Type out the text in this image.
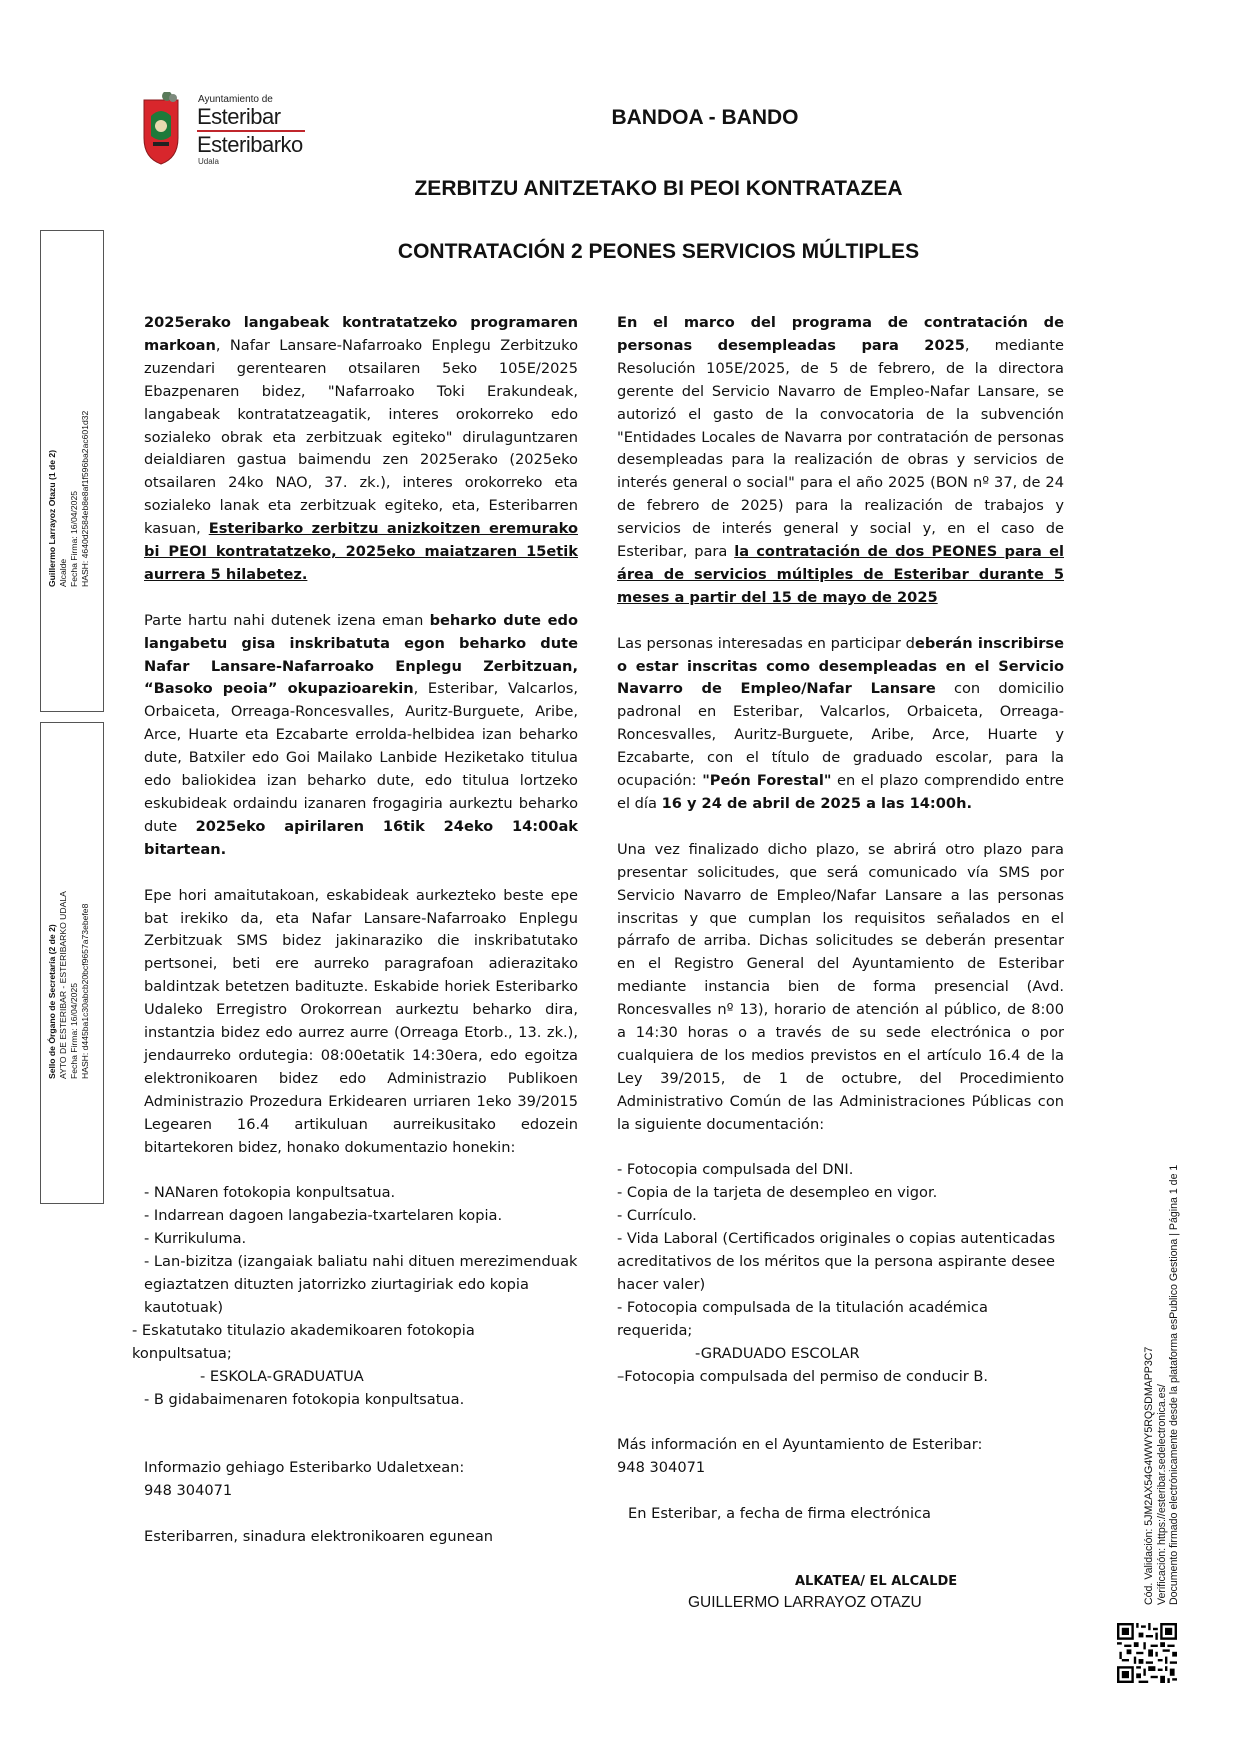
Ayuntamiento de
Esteribar
Esteribarko
Udala
BANDOA - BANDO
ZERBITZU ANITZETAKO BI PEOI KONTRATAZEA
CONTRATACIÓN 2 PEONES SERVICIOS MÚLTIPLES
Guillermo Larrayoz Otazu (1 de 2) Alcalde Fecha Firma: 16/04/2025 HASH: 4640d2584eb8e8af1f596ba2ac601d32
Sello de Órgano de Secretaría (2 de 2) AYTO DE ESTERIBAR - ESTERIBARKO UDALA Fecha Firma: 16/04/2025 HASH: d445ba1c30abcb20bcf9657a73ebefe8

2025erako langabeak kontratatzeko programaren markoan, Nafar Lansare-Nafarroako Enplegu Zerbitzuko zuzendari gerentearen otsailaren 5eko 105E/2025 Ebazpenaren bidez, "Nafarroako Toki Erakundeak, langabeak kontratatzeagatik, interes orokorreko edo sozialeko obrak eta zerbitzuak egiteko" dirulaguntzaren deialdiaren gastua baimendu zen 2025erako (2025eko otsailaren 24ko NAO, 37. zk.), interes orokorreko eta sozialeko lanak eta zerbitzuak egiteko, eta, Esteribarren kasuan, Esteribarko zerbitzu anizkoitzen eremurako bi PEOI kontratatzeko, 2025eko maiatzaren 15etik aurrera 5 hilabetez.

Parte hartu nahi dutenek izena eman beharko dute edo langabetu gisa inskribatuta egon beharko dute Nafar Lansare-Nafarroako Enplegu Zerbitzuan, “Basoko peoia” okupazioarekin, Esteribar, Valcarlos, Orbaiceta, Orreaga-Roncesvalles, Auritz-Burguete, Aribe, Arce, Huarte eta Ezcabarte errolda-helbidea izan beharko dute, Batxiler edo Goi Mailako Lanbide Heziketako titulua edo baliokidea izan beharko dute, edo titulua lortzeko eskubideak ordaindu izanaren frogagiria aurkeztu beharko dute 2025eko apirilaren 16tik 24eko 14:00ak bitartean.

Epe hori amaitutakoan, eskabideak aurkezteko beste epe bat irekiko da, eta Nafar Lansare-Nafarroako Enplegu Zerbitzuak SMS bidez jakinaraziko die inskribatutako pertsonei, beti ere aurreko paragrafoan adierazitako baldintzak betetzen badituzte. Eskabide horiek Esteribarko Udaleko Erregistro Orokorrean aurkeztu beharko dira, instantzia bidez edo aurrez aurre (Orreaga Etorb., 13. zk.), jendaurreko ordutegia: 08:00etatik 14:30era, edo egoitza elektronikoaren bidez edo Administrazio Publikoen Administrazio Prozedura Erkidearen urriaren 1eko 39/2015 Legearen 16.4 artikuluan aurreikusitako edozein bitartekoren bidez, honako dokumentazio honekin:

- NANaren fotokopia konpultsatua.

- Indarrean dagoen langabezia-txartelaren kopia.

- Kurrikuluma.

- Lan-bizitza (izangaiak baliatu nahi dituen merezimenduak egiaztatzen dituzten jatorrizko ziurtagiriak edo kopia kautotuak)

- Eskatutako titulazio akademikoaren fotokopia konpultsatua;

- ESKOLA-GRADUATUA

- B gidabaimenaren fotokopia konpultsatua.

Informazio gehiago Esteribarko Udaletxean:

948 304071

Esteribarren, sinadura elektronikoaren egunean

En el marco del programa de contratación de personas desempleadas para 2025, mediante Resolución 105E/2025, de 5 de febrero, de la directora gerente del Servicio Navarro de Empleo-Nafar Lansare, se autorizó el gasto de la convocatoria de la subvención "Entidades Locales de Navarra por contratación de personas desempleadas para la realización de obras y servicios de interés general o social" para el año 2025 (BON nº 37, de 24 de febrero de 2025) para la realización de trabajos y servicios de interés general y social y, en el caso de Esteribar, para la contratación de dos PEONES para el área de servicios múltiples de Esteribar durante 5 meses a partir del 15 de mayo de 2025

Las personas interesadas en participar deberán inscribirse o estar inscritas como desempleadas en el Servicio Navarro de Empleo/Nafar Lansare con domicilio padronal en Esteribar, Valcarlos, Orbaiceta, Orreaga-Roncesvalles, Auritz-Burguete, Aribe, Arce, Huarte y Ezcabarte, con el título de graduado escolar, para la ocupación: "Peón Forestal" en el plazo comprendido entre el día 16 y 24 de abril de 2025 a las 14:00h.

Una vez finalizado dicho plazo, se abrirá otro plazo para presentar solicitudes, que será comunicado vía SMS por Servicio Navarro de Empleo/Nafar Lansare a las personas inscritas y que cumplan los requisitos señalados en el párrafo de arriba. Dichas solicitudes se deberán presentar en el Registro General del Ayuntamiento de Esteribar mediante instancia bien de forma presencial (Avd. Roncesvalles nº 13), horario de atención al público, de 8:00 a 14:30 horas o a través de su sede electrónica o por cualquiera de los medios previstos en el artículo 16.4 de la Ley 39/2015, de 1 de octubre, del Procedimiento Administrativo Común de las Administraciones Públicas con la siguiente documentación:

- Fotocopia compulsada del DNI.

- Copia de la tarjeta de desempleo en vigor.

- Currículo.

- Vida Laboral (Certificados originales o copias autenticadas acreditativos de los méritos que la persona aspirante desee hacer valer)

- Fotocopia compulsada de la titulación académica requerida;

-GRADUADO ESCOLAR

–Fotocopia compulsada del permiso de conducir B.

Más información en el Ayuntamiento de Esteribar:

948 304071

En Esteribar, a fecha de firma electrónica

ALKATEA/ EL ALCALDE
GUILLERMO LARRAYOZ OTAZU	Cód. Validación: 5JM2AX54G4WWY5RQSDMAPP3C7 Verificación: https://esteribar.sedelectronica.es/ Documento firmado electrónicamente desde la plataforma esPublico Gestiona | Página 1 de 1
